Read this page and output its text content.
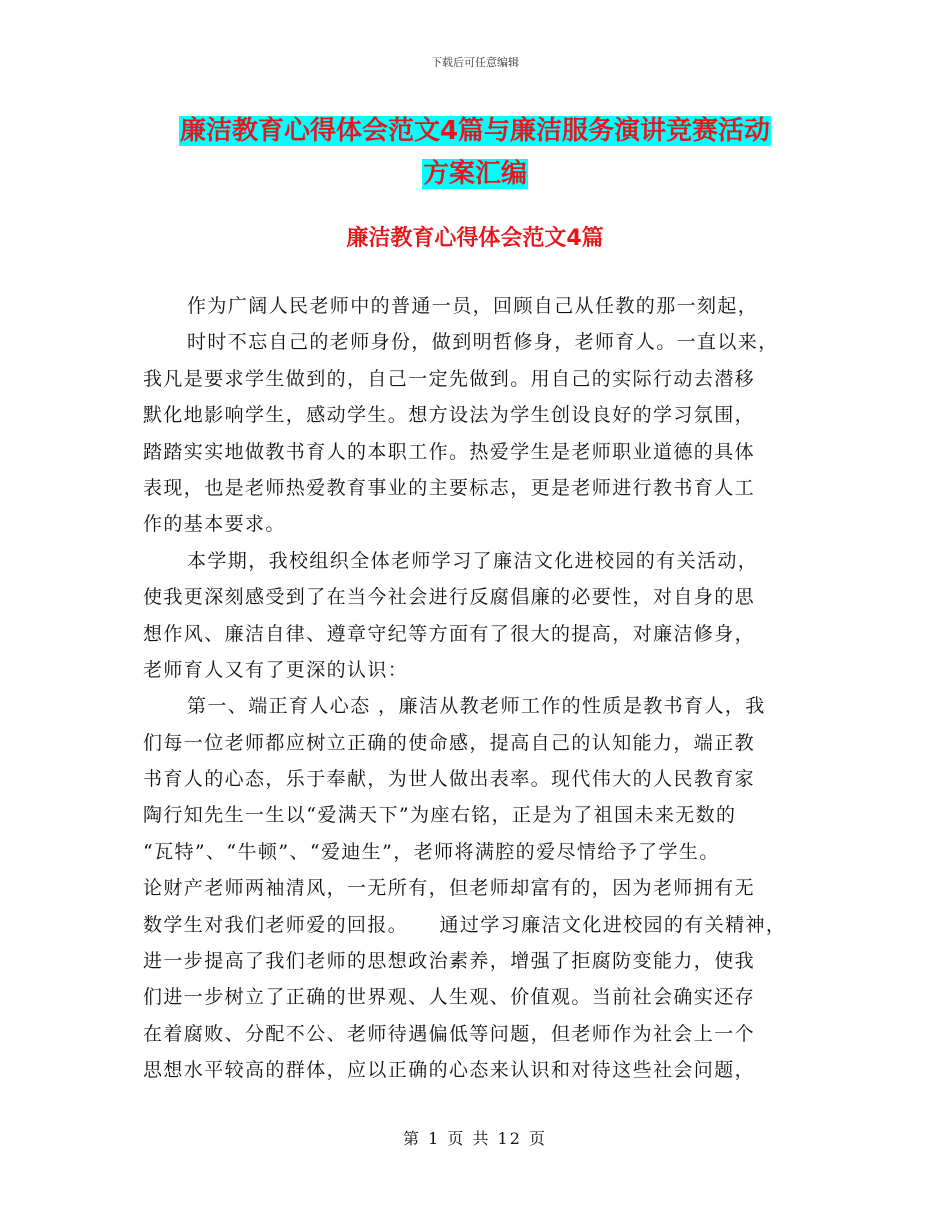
下载后可任意编辑
廉洁教育心得体会范文4篇与廉洁服务演讲竞赛活动
方案汇编
廉洁教育心得体会范文4篇
作为广阔人民老师中的普通一员，回顾自己从任教的那一刻起，
时时不忘自己的老师身份，做到明哲修身，老师育人。一直以来，
我凡是要求学生做到的，自己一定先做到。用自己的实际行动去潜移
默化地影响学生，感动学生。想方设法为学生创设良好的学习氛围，
踏踏实实地做教书育人的本职工作。热爱学生是老师职业道德的具体
表现，也是老师热爱教育事业的主要标志，更是老师进行教书育人工
作的基本要求。
本学期，我校组织全体老师学习了廉洁文化进校园的有关活动，
使我更深刻感受到了在当今社会进行反腐倡廉的必要性，对自身的思
想作风、廉洁自律、遵章守纪等方面有了很大的提高，对廉洁修身，
老师育人又有了更深的认识：
第一、端正育人心态 ，廉洁从教老师工作的性质是教书育人，我
们每一位老师都应树立正确的使命感，提高自己的认知能力，端正教
书育人的心态，乐于奉献，为世人做出表率。现代伟大的人民教育家
陶行知先生一生以“爱满天下”为座右铭，正是为了祖国未来无数的
“瓦特”、“牛顿”、“爱迪生”，老师将满腔的爱尽情给予了学生。
论财产老师两袖清风，一无所有，但老师却富有的，因为老师拥有无
数学生对我们老师爱的回报。　　通过学习廉洁文化进校园的有关精神，
进一步提高了我们老师的思想政治素养，增强了拒腐防变能力，使我
们进一步树立了正确的世界观、人生观、价值观。当前社会确实还存
在着腐败、分配不公、老师待遇偏低等问题，但老师作为社会上一个
思想水平较高的群体，应以正确的心态来认识和对待这些社会问题，
第 1 页 共 12 页
